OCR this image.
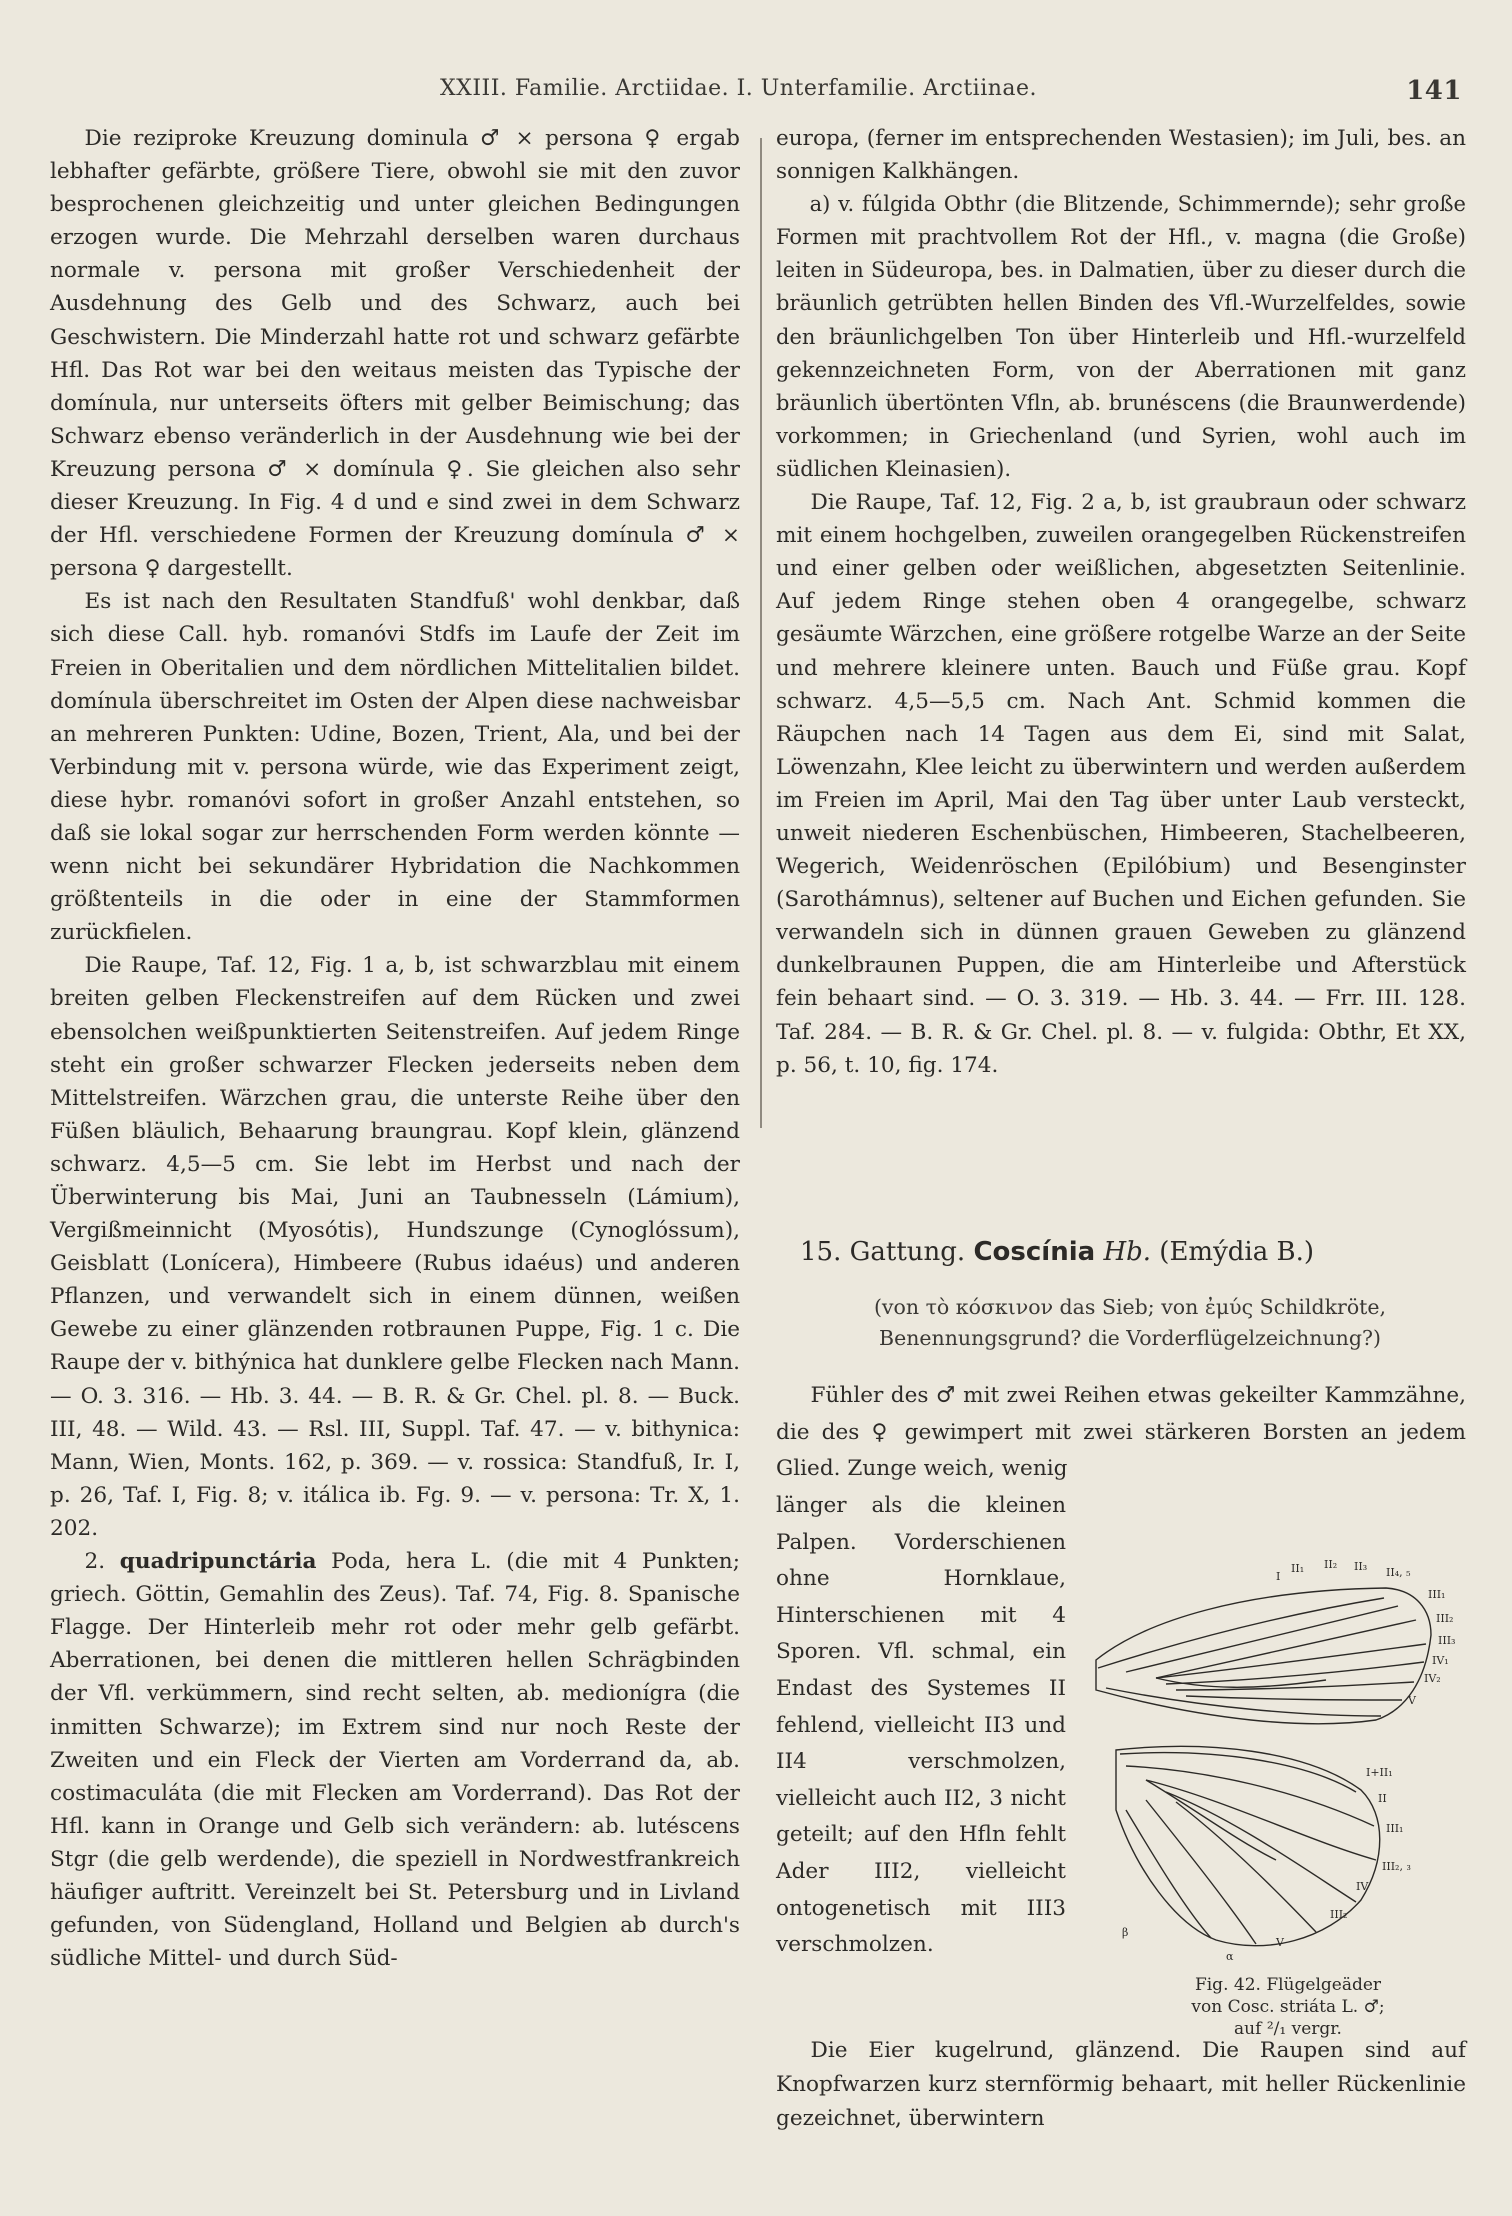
XXIII. Familie. Arctiidae. I. Unterfamilie. Arctiinae.	141

Die reziproke Kreuzung dominula ♂ × persona ♀ ergab lebhafter gefärbte, größere Tiere, obwohl sie mit den zuvor besprochenen gleichzeitig und unter gleichen Bedingungen erzogen wurde. Die Mehrzahl derselben waren durchaus normale v. persona mit großer Verschiedenheit der Ausdehnung des Gelb und des Schwarz, auch bei Geschwistern. Die Minderzahl hatte rot und schwarz gefärbte Hfl. Das Rot war bei den weitaus meisten das Typische der domínula, nur unterseits öfters mit gelber Beimischung; das Schwarz ebenso veränderlich in der Ausdehnung wie bei der Kreuzung persona ♂ × domínula ♀. Sie gleichen also sehr dieser Kreuzung. In Fig. 4 d und e sind zwei in dem Schwarz der Hfl. verschiedene Formen der Kreuzung domínula ♂ × persona ♀ dargestellt.

Es ist nach den Resultaten Standfuß' wohl denkbar, daß sich diese Call. hyb. romanóvi Stdfs im Laufe der Zeit im Freien in Oberitalien und dem nördlichen Mittelitalien bildet. domínula überschreitet im Osten der Alpen diese nachweisbar an mehreren Punkten: Udine, Bozen, Trient, Ala, und bei der Verbindung mit v. persona würde, wie das Experiment zeigt, diese hybr. romanóvi sofort in großer Anzahl entstehen, so daß sie lokal sogar zur herrschenden Form werden könnte — wenn nicht bei sekundärer Hybridation die Nachkommen größtenteils in die oder in eine der Stammformen zurückfielen.

Die Raupe, Taf. 12, Fig. 1 a, b, ist schwarzblau mit einem breiten gelben Fleckenstreifen auf dem Rücken und zwei ebensolchen weißpunktierten Seitenstreifen. Auf jedem Ringe steht ein großer schwarzer Flecken jederseits neben dem Mittelstreifen. Wärzchen grau, die unterste Reihe über den Füßen bläulich, Behaarung braungrau. Kopf klein, glänzend schwarz. 4,5—5 cm. Sie lebt im Herbst und nach der Überwinterung bis Mai, Juni an Taubnesseln (Lámium), Vergißmeinnicht (Myosótis), Hundszunge (Cynoglóssum), Geisblatt (Lonícera), Himbeere (Rubus idaéus) und anderen Pflanzen, und verwandelt sich in einem dünnen, weißen Gewebe zu einer glänzenden rotbraunen Puppe, Fig. 1 c. Die Raupe der v. bithýnica hat dunklere gelbe Flecken nach Mann. — O. 3. 316. — Hb. 3. 44. — B. R. & Gr. Chel. pl. 8. — Buck. III, 48. — Wild. 43. — Rsl. III, Suppl. Taf. 47. — v. bithynica: Mann, Wien, Monts. 162, p. 369. — v. rossica: Standfuß, Ir. I, p. 26, Taf. I, Fig. 8; v. itálica ib. Fg. 9. — v. persona: Tr. X, 1. 202.

2. quadripunctária Poda, hera L. (die mit 4 Punkten; griech. Göttin, Gemahlin des Zeus). Taf. 74, Fig. 8. Spanische Flagge. Der Hinterleib mehr rot oder mehr gelb gefärbt. Aberrationen, bei denen die mittleren hellen Schrägbinden der Vfl. verkümmern, sind recht selten, ab. medionígra (die inmitten Schwarze); im Extrem sind nur noch Reste der Zweiten und ein Fleck der Vierten am Vorderrand da, ab. costimaculáta (die mit Flecken am Vorderrand). Das Rot der Hfl. kann in Orange und Gelb sich verändern: ab. lutéscens Stgr (die gelb werdende), die speziell in Nordwestfrankreich häufiger auftritt. Vereinzelt bei St. Petersburg und in Livland gefunden, von Südengland, Holland und Belgien ab durch's südliche Mittel- und durch Süd-

europa, (ferner im entsprechenden Westasien); im Juli, bes. an sonnigen Kalkhängen.

a) v. fúlgida Obthr (die Blitzende, Schimmernde); sehr große Formen mit prachtvollem Rot der Hfl., v. magna (die Große) leiten in Südeuropa, bes. in Dalmatien, über zu dieser durch die bräunlich getrübten hellen Binden des Vfl.-Wurzelfeldes, sowie den bräunlichgelben Ton über Hinterleib und Hfl.-wurzelfeld gekennzeichneten Form, von der Aberrationen mit ganz bräunlich übertönten Vfln, ab. brunéscens (die Braunwerdende) vorkommen; in Griechenland (und Syrien, wohl auch im südlichen Kleinasien).

Die Raupe, Taf. 12, Fig. 2 a, b, ist graubraun oder schwarz mit einem hochgelben, zuweilen orangegelben Rückenstreifen und einer gelben oder weißlichen, abgesetzten Seitenlinie. Auf jedem Ringe stehen oben 4 orangegelbe, schwarz gesäumte Wärzchen, eine größere rotgelbe Warze an der Seite und mehrere kleinere unten. Bauch und Füße grau. Kopf schwarz. 4,5—5,5 cm. Nach Ant. Schmid kommen die Räupchen nach 14 Tagen aus dem Ei, sind mit Salat, Löwenzahn, Klee leicht zu überwintern und werden außerdem im Freien im April, Mai den Tag über unter Laub versteckt, unweit niederen Eschenbüschen, Himbeeren, Stachelbeeren, Wegerich, Weidenröschen (Epilóbium) und Besenginster (Sarothámnus), seltener auf Buchen und Eichen gefunden. Sie verwandeln sich in dünnen grauen Geweben zu glänzend dunkelbraunen Puppen, die am Hinterleibe und Afterstück fein behaart sind. — O. 3. 319. — Hb. 3. 44. — Frr. III. 128. Taf. 284. — B. R. & Gr. Chel. pl. 8. — v. fulgida: Obthr, Et XX, p. 56, t. 10, fig. 174.

15. Gattung. Coscínia Hb. (Emýdia B.)
(von τὸ κόσκινον das Sieb; von ἐμύς Schildkröte, Benennungsgrund? die Vorderflügelzeichnung?)

Fühler des ♂ mit zwei Reihen etwas gekeilter Kammzähne, die des ♀ gewimpert mit zwei stärkeren Borsten an jedem Glied. Zunge weich, wenig

länger als die kleinen Palpen. Vorderschienen ohne Hornklaue, Hinterschienen mit 4 Sporen. Vfl. schmal, ein Endast des Systemes II fehlend, vielleicht II3 und II4 verschmolzen, vielleicht auch II2, 3 nicht geteilt; auf den Hfln fehlt Ader III2, vielleicht ontogenetisch mit III3 verschmolzen.

I
II₁ II₂ II₃ II₄, ₅
III₁
III₂
III₃
IV₁
IV₂
V
I+II₁
II
III₁
III₂, ₃
IV
III₂
V
α
β
Fig. 42. Flügelgeäder
von Cosc. striáta L. ♂;
auf ²/₁ vergr.

Die Eier kugelrund, glänzend. Die Raupen sind auf Knopfwarzen kurz sternförmig behaart, mit heller Rückenlinie gezeichnet, überwintern
